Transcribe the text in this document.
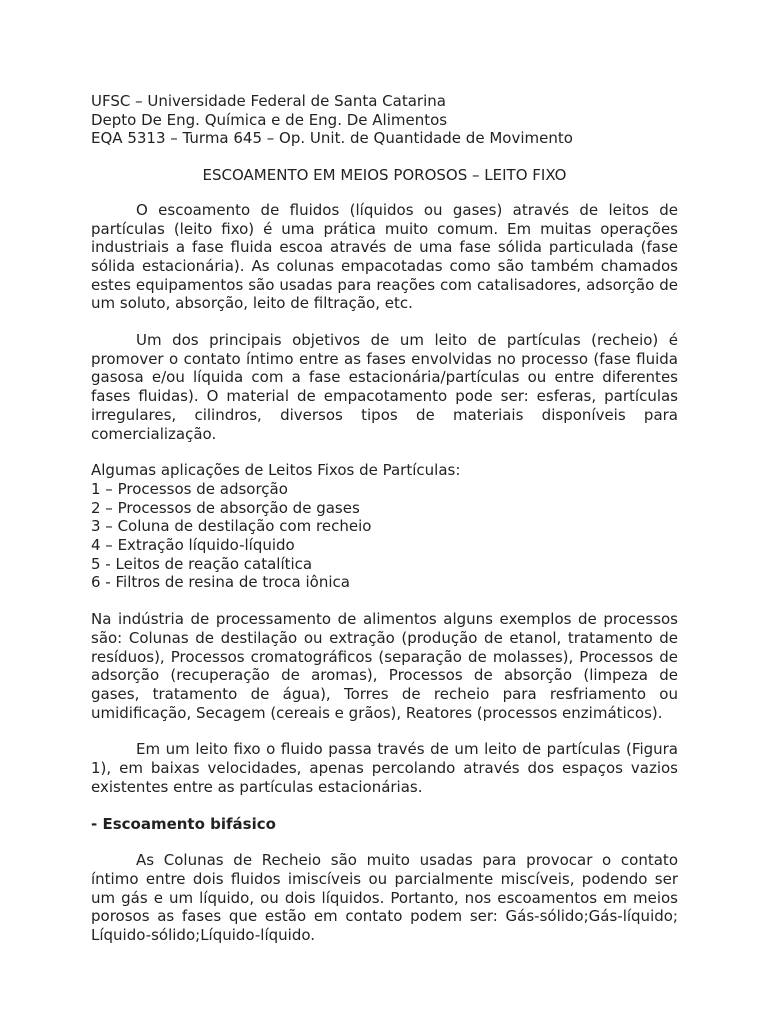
UFSC – Universidade Federal de Santa Catarina
Depto De Eng. Química e de Eng. De Alimentos
EQA 5313 – Turma 645 – Op. Unit. de Quantidade de Movimento
ESCOAMENTO EM MEIOS POROSOS – LEITO FIXO

O escoamento de fluidos (líquidos ou gases) através de leitos de partículas (leito fixo) é uma prática muito comum. Em muitas operações industriais a fase fluida escoa através de uma fase sólida particulada (fase sólida estacionária). As colunas empacotadas como são também chamados estes equipamentos são usadas para reações com catalisadores, adsorção de um soluto, absorção, leito de filtração, etc.

Um dos principais objetivos de um leito de partículas (recheio) é promover o contato íntimo entre as fases envolvidas no processo (fase fluida gasosa e/ou líquida com a fase estacionária/partículas ou entre diferentes fases fluidas). O material de empacotamento pode ser: esferas, partículas irregulares, cilindros, diversos tipos de materiais disponíveis para comercialização.

Algumas aplicações de Leitos Fixos de Partículas:
1 – Processos de adsorção
2 – Processos de absorção de gases
3 – Coluna de destilação com recheio
4 – Extração líquido-líquido
5 - Leitos de reação catalítica
6 - Filtros de resina de troca iônica

Na indústria de processamento de alimentos alguns exemplos de processos são: Colunas de destilação ou extração (produção de etanol, tratamento de resíduos), Processos cromatográficos (separação de molasses), Processos de adsorção (recuperação de aromas), Processos de absorção (limpeza de gases, tratamento de água), Torres de recheio para resfriamento ou umidificação, Secagem (cereais e grãos), Reatores (processos enzimáticos).

Em um leito fixo o fluido passa través de um leito de partículas (Figura 1), em baixas velocidades, apenas percolando através dos espaços vazios existentes entre as partículas estacionárias.

- Escoamento bifásico

As Colunas de Recheio são muito usadas para provocar o contato íntimo entre dois fluidos imiscíveis ou parcialmente miscíveis, podendo ser um gás e um líquido, ou dois líquidos. Portanto, nos escoamentos em meios porosos as fases que estão em contato podem ser: Gás-sólido;Gás-líquido; Líquido-sólido;Líquido-líquido.
